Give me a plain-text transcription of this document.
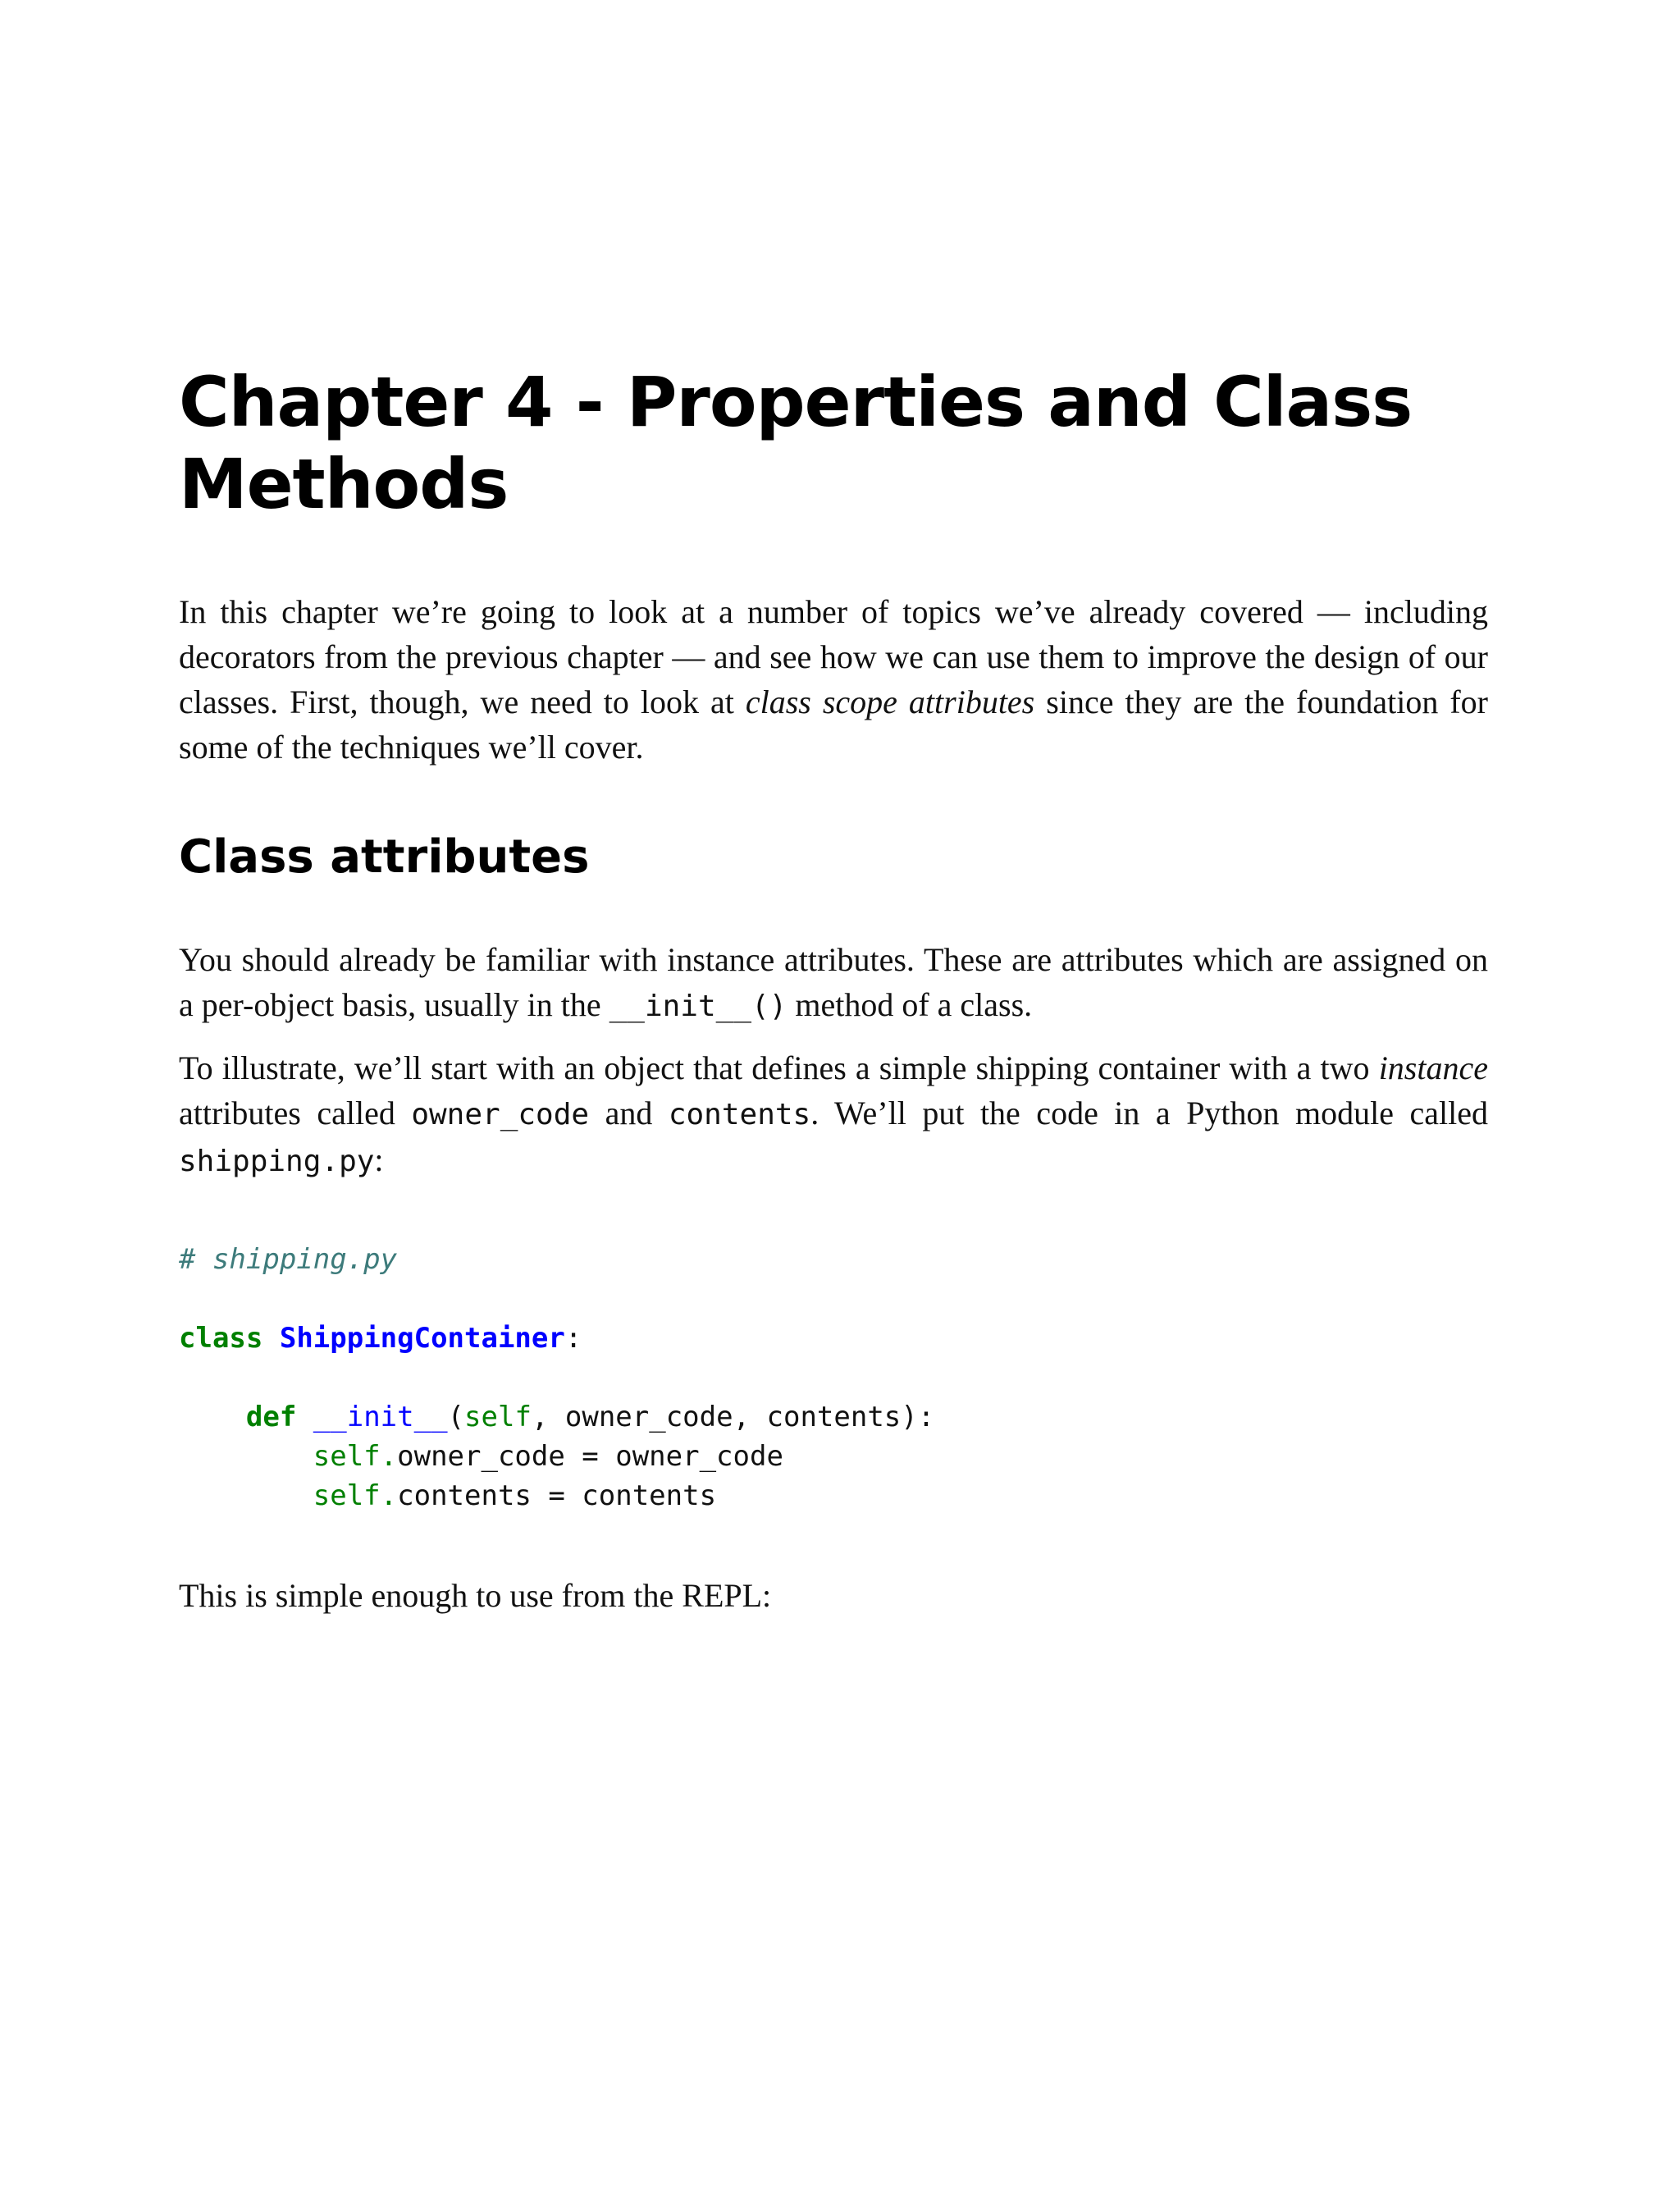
Chapter 4 - Properties and Class Methods

In this chapter we’re going to look at a number of topics we’ve already covered — including decorators from the previous chapter — and see how we can use them to improve the design of our classes. First, though, we need to look at class scope attributes since they are the foundation for some of the techniques we’ll cover.

Class attributes

You should already be familiar with instance attributes. These are attributes which are assigned on a per-object basis, usually in the __init__() method of a class.

To illustrate, we’ll start with an object that defines a simple shipping container with a two instance attributes called owner_code and contents. We’ll put the code in a Python module called shipping.py:

# shipping.py

class ShippingContainer:

def __init__(self, owner_code, contents):
self.owner_code = owner_code
self.contents = contents

This is simple enough to use from the REPL:
